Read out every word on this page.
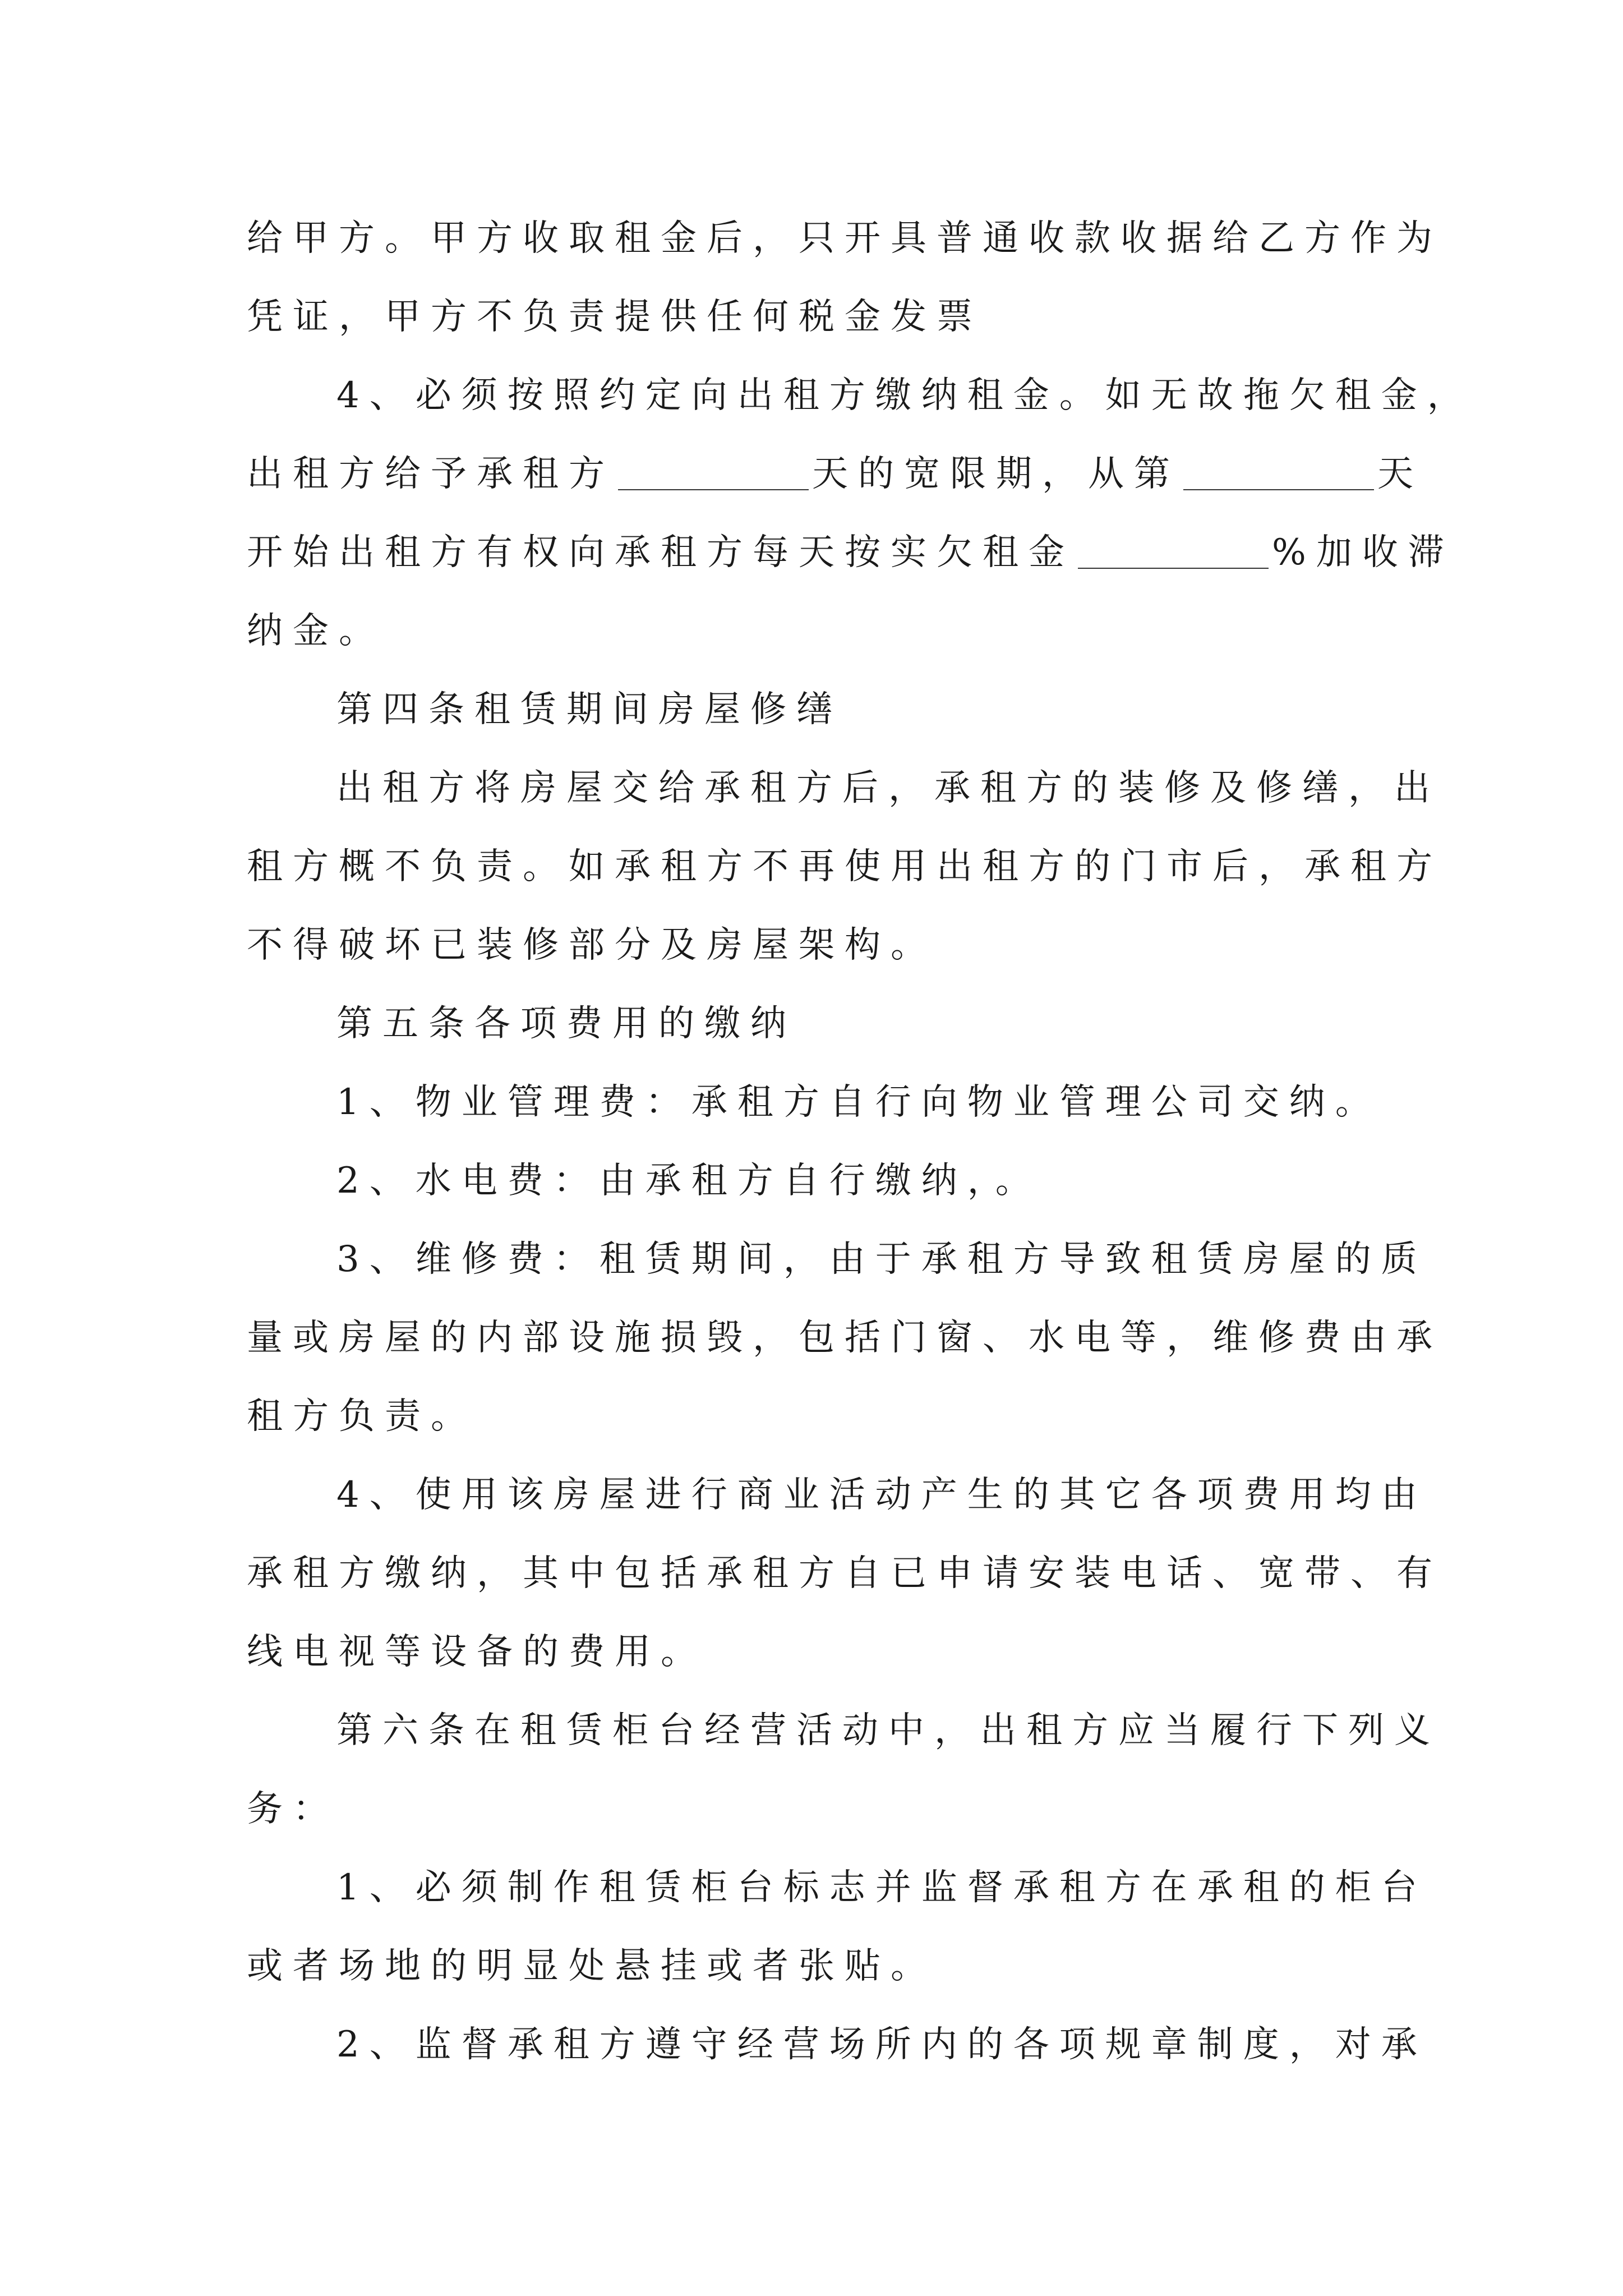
给甲方。甲方收取租金后，只开具普通收款收据给乙方作为
凭证，甲方不负责提供任何税金发票
4、必须按照约定向出租方缴纳租金。如无故拖欠租金，
出租方给予承租方	天的宽限期，从第	天
开始出租方有权向承租方每天按实欠租金	%加收滞
纳金。
第四条租赁期间房屋修缮
出租方将房屋交给承租方后，承租方的装修及修缮，出
租方概不负责。如承租方不再使用出租方的门市后，承租方
不得破坏已装修部分及房屋架构。
第五条各项费用的缴纳
1、物业管理费：承租方自行向物业管理公司交纳。
2、水电费：由承租方自行缴纳，。
3、维修费：租赁期间，由于承租方导致租赁房屋的质
量或房屋的内部设施损毁，包括门窗、水电等，维修费由承
租方负责。
4、使用该房屋进行商业活动产生的其它各项费用均由
承租方缴纳，其中包括承租方自已申请安装电话、宽带、有
线电视等设备的费用。
第六条在租赁柜台经营活动中，出租方应当履行下列义
务：
1、必须制作租赁柜台标志并监督承租方在承租的柜台
或者场地的明显处悬挂或者张贴。
2、监督承租方遵守经营场所内的各项规章制度，对承
